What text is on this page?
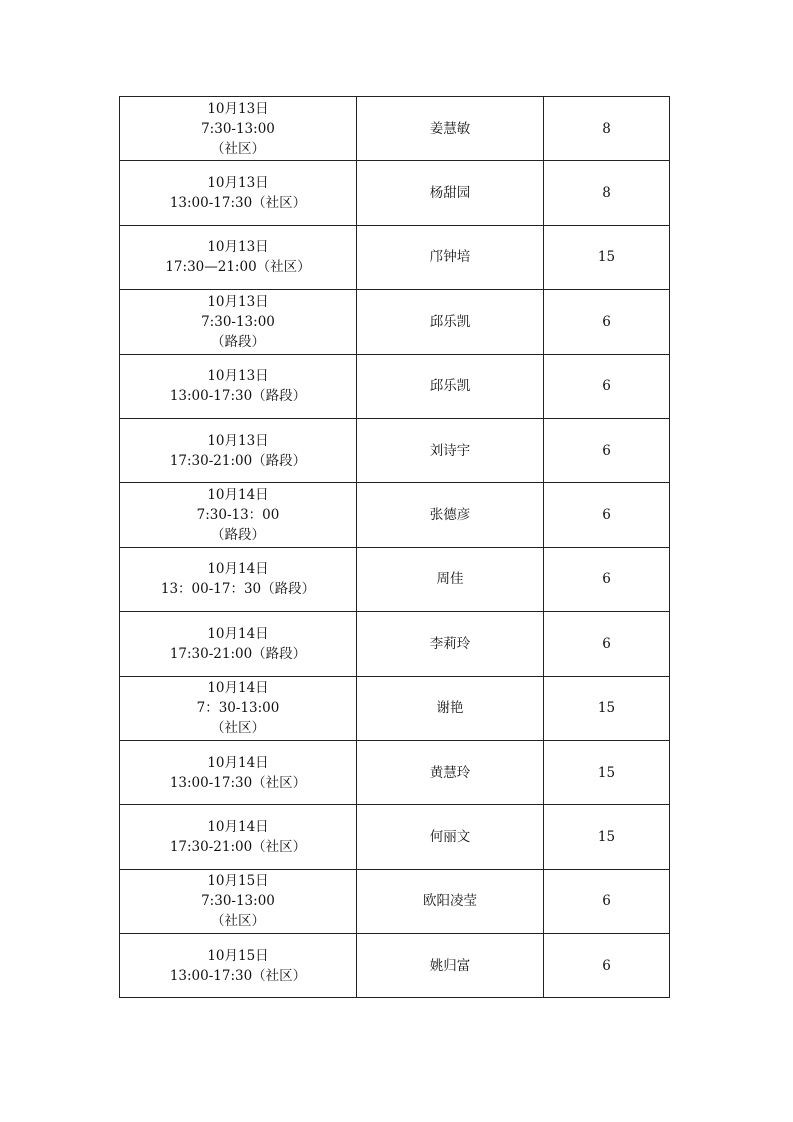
10月13日
7:30-13:00
（社区）	姜慧敏	8

10月13日
13:00-17:30（社区）	杨甜园	8

10月13日
17:30—21:00（社区）	邝钟培	15

10月13日
7:30-13:00
（路段）	邱乐凯	6

10月13日
13:00-17:30（路段）	邱乐凯	6

10月13日
17:30-21:00（路段）	刘诗宇	6

10月14日
7:30-13：00
（路段）	张德彦	6

10月14日
13：00-17：30（路段）	周佳	6

10月14日
17:30-21:00（路段）	李莉玲	6

10月14日
7：30-13:00
（社区）	谢艳	15

10月14日
13:00-17:30（社区）	黄慧玲	15

10月14日
17:30-21:00（社区）	何丽文	15

10月15日
7:30-13:00
（社区）	欧阳凌莹	6

10月15日
13:00-17:30（社区）	姚归富	6
